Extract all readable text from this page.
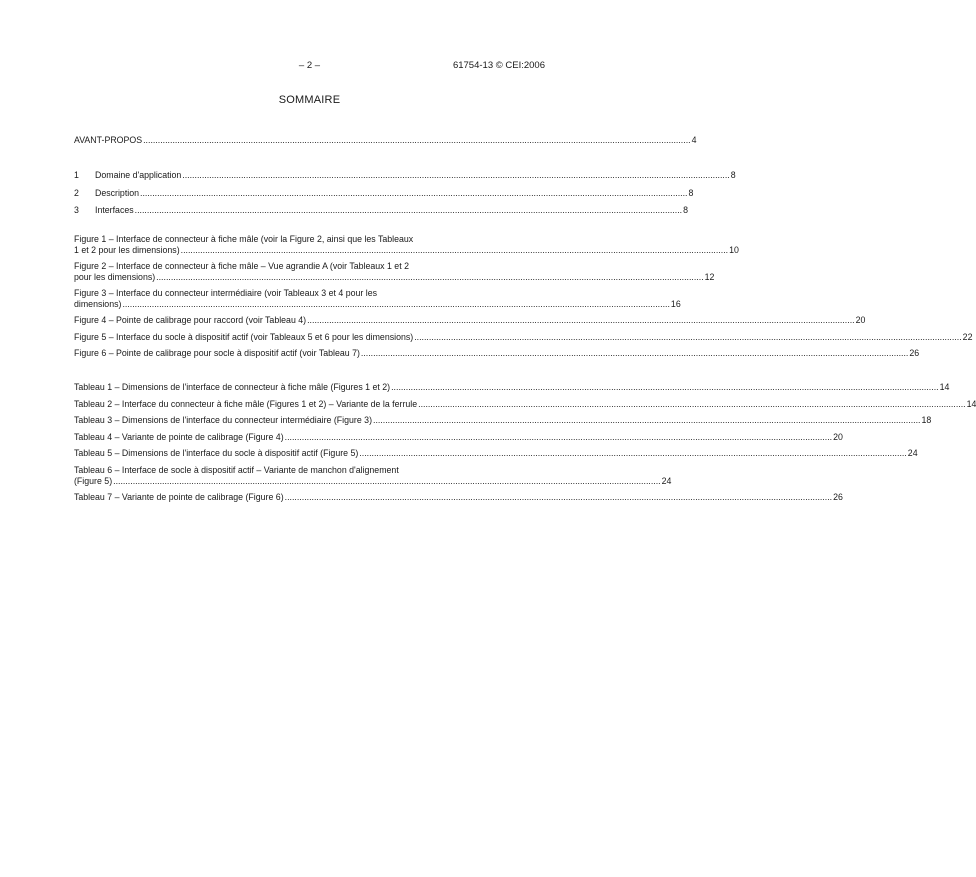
– 2 –	61754-13 © CEI:2006
SOMMAIRE
AVANT-PROPOS ................................................................................................................................................................................................................................ 4
1 Domaine d'application ................................................................................................................................................................................................................................ 8
2 Description ................................................................................................................................................................................................................................ 8
3 Interfaces ................................................................................................................................................................................................................................ 8
Figure 1 – Interface de connecteur à fiche mâle (voir la Figure 2, ainsi que les Tableaux
1 et 2 pour les dimensions) ................................................................................................................................................................................................................................ 10
Figure 2 – Interface de connecteur à fiche mâle – Vue agrandie A (voir Tableaux 1 et 2
pour les dimensions) ................................................................................................................................................................................................................................ 12
Figure 3 – Interface du connecteur intermédiaire (voir Tableaux 3 et 4 pour les
dimensions) ................................................................................................................................................................................................................................ 16
Figure 4 – Pointe de calibrage pour raccord (voir Tableau 4) ................................................................................................................................................................................................................................ 20
Figure 5 – Interface du socle à dispositif actif (voir Tableaux 5 et 6 pour les dimensions) ................................................................................................................................................................................................................................ 22
Figure 6 – Pointe de calibrage pour socle à dispositif actif (voir Tableau 7) ................................................................................................................................................................................................................................ 26
Tableau 1 – Dimensions de l'interface de connecteur à fiche mâle (Figures 1 et 2) ................................................................................................................................................................................................................................ 14
Tableau 2 – Interface du connecteur à fiche mâle (Figures 1 et 2) – Variante de la ferrule ................................................................................................................................................................................................................................ 14
Tableau 3 – Dimensions de l'interface du connecteur intermédiaire (Figure 3) ................................................................................................................................................................................................................................ 18
Tableau 4 – Variante de pointe de calibrage (Figure 4) ................................................................................................................................................................................................................................ 20
Tableau 5 – Dimensions de l'interface du socle à dispositif actif (Figure 5) ................................................................................................................................................................................................................................ 24
Tableau 6 – Interface de socle à dispositif actif – Variante de manchon d'alignement
(Figure 5) ................................................................................................................................................................................................................................ 24
Tableau 7 – Variante de pointe de calibrage (Figure 6) ................................................................................................................................................................................................................................ 26
